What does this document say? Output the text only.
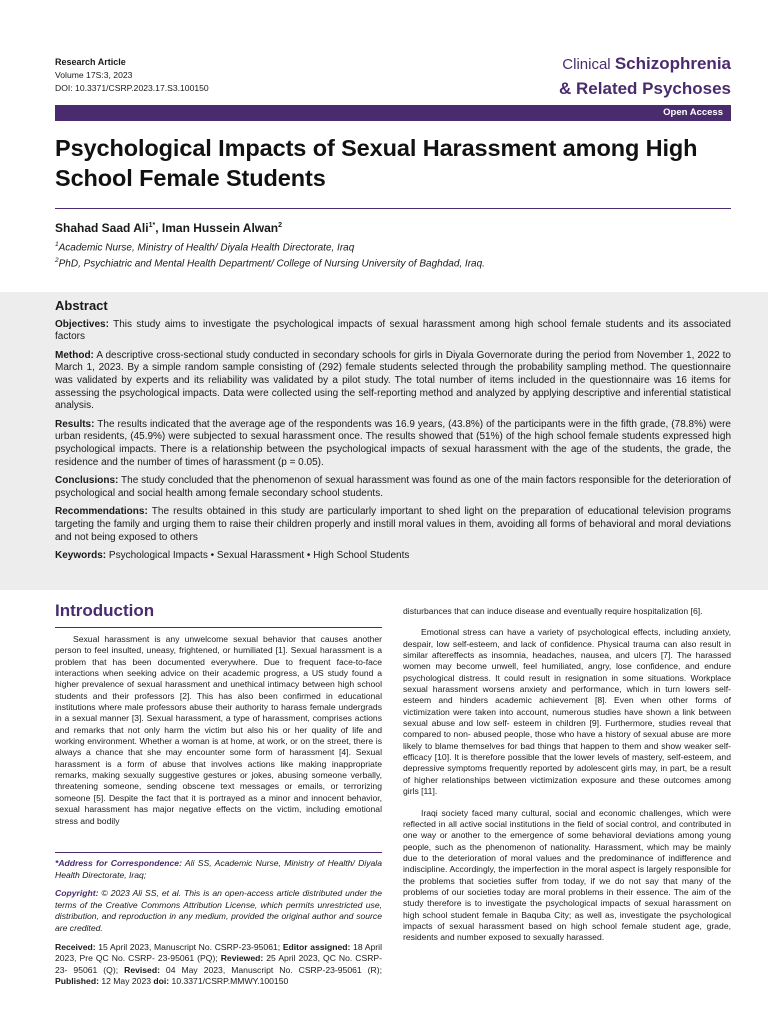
Research Article
Volume 17S:3, 2023
DOI: 10.3371/CSRP.2023.17.S3.100150
Clinical Schizophrenia
& Related Psychoses
Open Access
Psychological Impacts of Sexual Harassment among High School Female Students
Shahad Saad Ali$^{1*}$, Iman Hussein Alwan$^2$
$^1$Academic Nurse, Ministry of Health/ Diyala Health Directorate, Iraq
$^2$PhD, Psychiatric and Mental Health Department/ College of Nursing University of Baghdad, Iraq.
Abstract

Objectives: This study aims to investigate the psychological impacts of sexual harassment among high school female students and its associated factors

Method: A descriptive cross-sectional study conducted in secondary schools for girls in Diyala Governorate during the period from November 1, 2022 to March 1, 2023. By a simple random sample consisting of (292) female students selected through the probability sampling method. The questionnaire was validated by experts and its reliability was validated by a pilot study. The total number of items included in the questionnaire was 16 items for assessing the psychological impacts. Data were collected using the self-reporting method and analyzed by applying descriptive and inferential statistical analysis.

Results: The results indicated that the average age of the respondents was 16.9 years, (43.8%) of the participants were in the fifth grade, (78.8%) were urban residents, (45.9%) were subjected to sexual harassment once. The results showed that (51%) of the high school female students expressed high psychological impacts. There is a relationship between the psychological impacts of sexual harassment with the age of the students, the grade, the residence and the number of times of harassment (p = 0.05).

Conclusions: The study concluded that the phenomenon of sexual harassment was found as one of the main factors responsible for the deterioration of psychological and social health among female secondary school students.

Recommendations: The results obtained in this study are particularly important to shed light on the preparation of educational television programs targeting the family and urging them to raise their children properly and instill moral values in them, avoiding all forms of behavioral and moral deviations and not being exposed to others

Keywords: Psychological Impacts • Sexual Harassment • High School Students

Introduction

Sexual harassment is any unwelcome sexual behavior that causes another person to feel insulted, uneasy, frightened, or humiliated [1]. Sexual harassment is a problem that has been documented everywhere. Due to frequent face-to-face interactions when seeking advice on their academic progress, a US study found a higher prevalence of sexual harassment and unethical intimacy between high school students and their professors [2]. This has also been confirmed in educational institutions where male professors abuse their authority to harass female undergrads in a sexual manner [3]. Sexual harassment, a type of harassment, comprises actions and remarks that not only harm the victim but also his or her quality of life and working environment. Whether a woman is at home, at work, or on the street, there is always a chance that she may encounter some form of harassment [4]. Sexual harassment is a form of abuse that involves actions like making inappropriate remarks, making sexually suggestive gestures or jokes, abusing someone verbally, threatening someone, sending obscene text messages or emails, or terrorizing someone [5]. Despite the fact that it is portrayed as a minor and innocent behavior, sexual harassment has major negative effects on the victim, including emotional stress and bodily

*Address for Correspondence: Ali SS, Academic Nurse, Ministry of Health/ Diyala Health Directorate, Iraq;

Copyright: © 2023 Ali SS, et al. This is an open-access article distributed under the terms of the Creative Commons Attribution License, which permits unrestricted use, distribution, and reproduction in any medium, provided the original author and source are credited.

Received: 15 April 2023, Manuscript No. CSRP-23-95061; Editor assigned: 18 April 2023, Pre QC No. CSRP- 23-95061 (PQ); Reviewed: 25 April 2023, QC No. CSRP- 23- 95061 (Q); Revised: 04 May 2023, Manuscript No. CSRP-23-95061 (R); Published: 12 May 2023 doi: 10.3371/CSRP.MMWY.100150

disturbances that can induce disease and eventually require hospitalization [6].

Emotional stress can have a variety of psychological effects, including anxiety, despair, low self-esteem, and lack of confidence. Physical trauma can also result in similar aftereffects as insomnia, headaches, nausea, and ulcers [7]. The harassed women may become unwell, feel humiliated, angry, lose confidence, and endure psychological distress. It could result in resignation in some situations. Workplace sexual harassment worsens anxiety and performance, which in turn lowers self- esteem and hinders academic achievement [8]. Even when other forms of victimization were taken into account, numerous studies have shown a link between sexual abuse and low self- esteem in children [9]. Furthermore, studies reveal that compared to non- abused people, those who have a history of sexual abuse are more likely to blame themselves for bad things that happen to them and show weaker self-efficacy [10]. It is therefore possible that the lower levels of mastery, self-esteem, and depressive symptoms frequently reported by adolescent girls may, in part, be a result of higher relationships between victimization exposure and these outcomes among girls [11].

Iraqi society faced many cultural, social and economic challenges, which were reflected in all active social institutions in the field of social control, and contributed in one way or another to the emergence of some behavioral deviations among young people, such as the phenomenon of nationality. Harassment, which may be mainly due to the deterioration of moral values and the predominance of indifference and indiscipline. Accordingly, the imperfection in the moral aspect is largely responsible for the problems that societies suffer from today, if we do not say that many of the problems of our societies today are moral problems in their essence. The aim of the study therefore is to investigate the psychological impacts of sexual harassment on high school student female in Baquba City; as well as, investigate the psychological impacts of sexual harassment based on high school female student age, grade, residents and number exposed to sexually harassed.
